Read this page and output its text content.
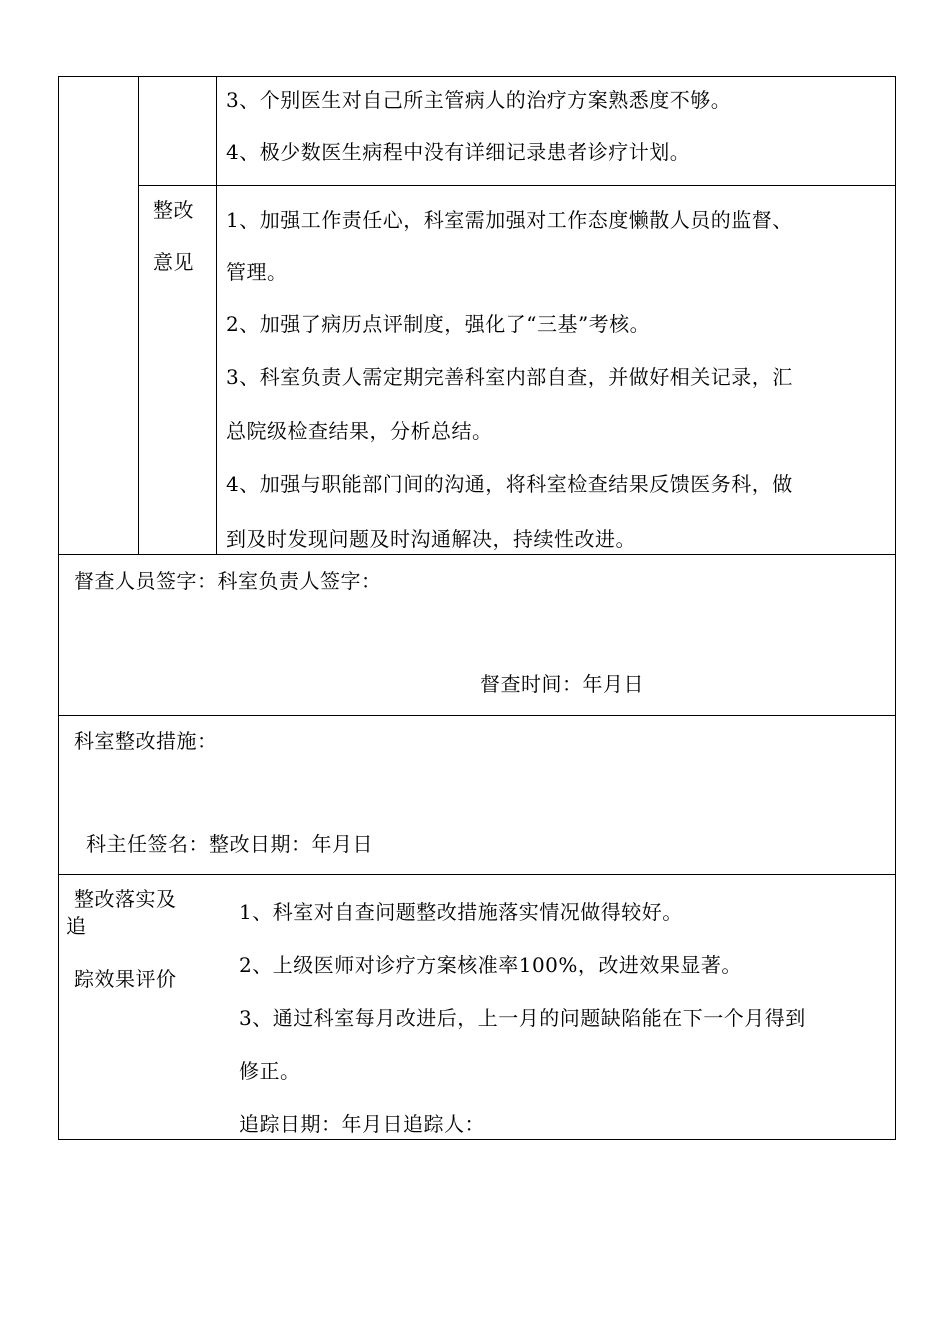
3、个别医生对自己所主管病人的治疗方案熟悉度不够。
4、极少数医生病程中没有详细记录患者诊疗计划。
整改
意见
1、加强工作责任心，科室需加强对工作态度懒散人员的监督、
管理。
2、加强了病历点评制度，强化了“三基”考核。
3、科室负责人需定期完善科室内部自查，并做好相关记录，汇
总院级检查结果，分析总结。
4、加强与职能部门间的沟通，将科室检查结果反馈医务科，做
到及时发现问题及时沟通解决，持续性改进。
督查人员签字：科室负责人签字：
督查时间：年月日
科室整改措施：
科主任签名：整改日期：年月日
整改落实及
追
踪效果评价
1、科室对自查问题整改措施落实情况做得较好。
2、上级医师对诊疗方案核准率100%，改进效果显著。
3、通过科室每月改进后，上一月的问题缺陷能在下一个月得到
修正。
追踪日期：年月日追踪人：
